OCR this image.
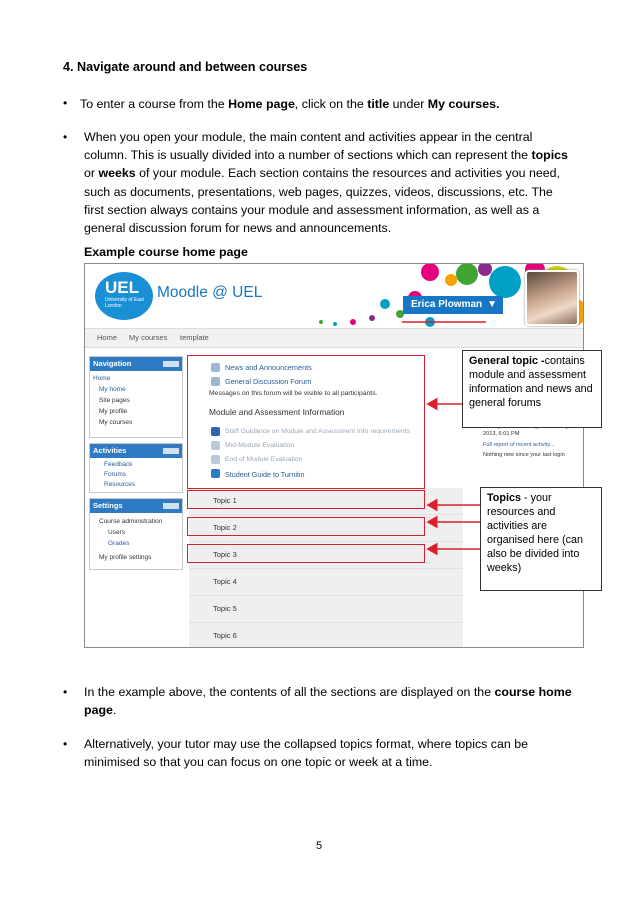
4. Navigate around and between courses
• To enter a course from the Home page, click on the title under My courses.
• When you open your module, the main content and activities appear in the central column. This is usually divided into a number of sections which can represent the topics or weeks of your module. Each section contains the resources and activities you need, such as documents, presentations, web pages, quizzes, videos, discussions, etc. The first section always contains your module and assessment information, as well as a general discussion forum for news and announcements.
Example course home page
UEL
University of East London
Moodle @ UEL
Erica Plowman ▼
Home My courses template
Navigation
Home
My home
Site pages
My profile
My courses
Activities
Feedback
Forums
Resources
Settings
Course administration
Users
Grades
My profile settings
News and Announcements
General Discussion Forum
Messages on this forum will be visible to all participants.
Module and Assessment Information
Staff Guidance on Module and Assessment Info requirements
Mid-Module Evaluation
End of Module Evaluation
Student Guide to Turnitin
Topic 1
Topic 2
Topic 3
Topic 4
Topic 5
Topic 6
2013, 6:01 PM
Full report of recent activity...
Nothing new since your last login
General topic -contains module and assessment information and news and general forums
Topics - your resources and activities are organised here (can also be divided into weeks)
• In the example above, the contents of all the sections are displayed on the course home page.
• Alternatively, your tutor may use the collapsed topics format, where topics can be minimised so that you can focus on one topic or week at a time.
5
